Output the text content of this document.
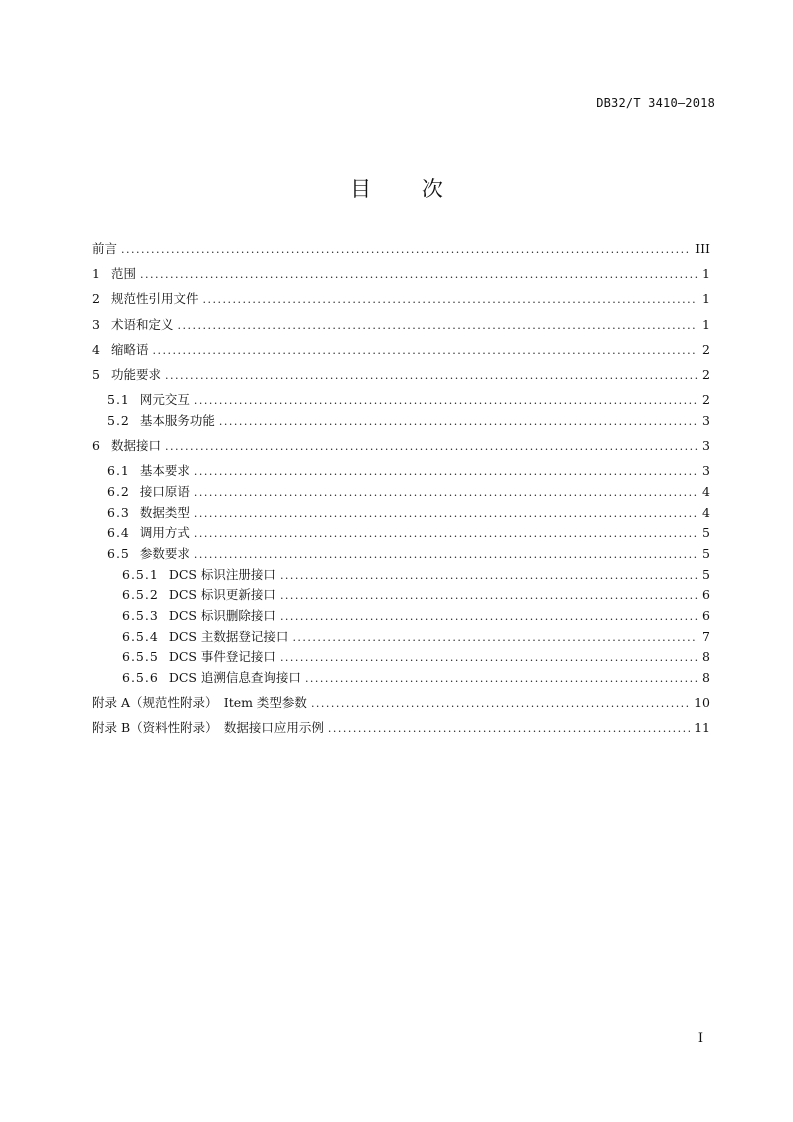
DB32/T 3410—2018
目 次
前言 .....	III
1 范围 .....	1
2 规范性引用文件 .....	1
3 术语和定义 .....	1
4 缩略语 .....	2
5 功能要求 .....	2
5.1 网元交互 .....	2
5.2 基本服务功能 .....	3
6 数据接口 .....	3
6.1 基本要求 .....	3
6.2 接口原语 .....	4
6.3 数据类型 .....	4
6.4 调用方式 .....	5
6.5 参数要求 .....	5
6.5.1 DCS 标识注册接口 .....	5
6.5.2 DCS 标识更新接口 .....	6
6.5.3 DCS 标识删除接口 .....	6
6.5.4 DCS 主数据登记接口 .....	7
6.5.5 DCS 事件登记接口 .....	8
6.5.6 DCS 追溯信息查询接口 .....	8
附录 A（规范性附录）　Item 类型参数 .....	10
附录 B（资料性附录）　数据接口应用示例 .....	11
I
